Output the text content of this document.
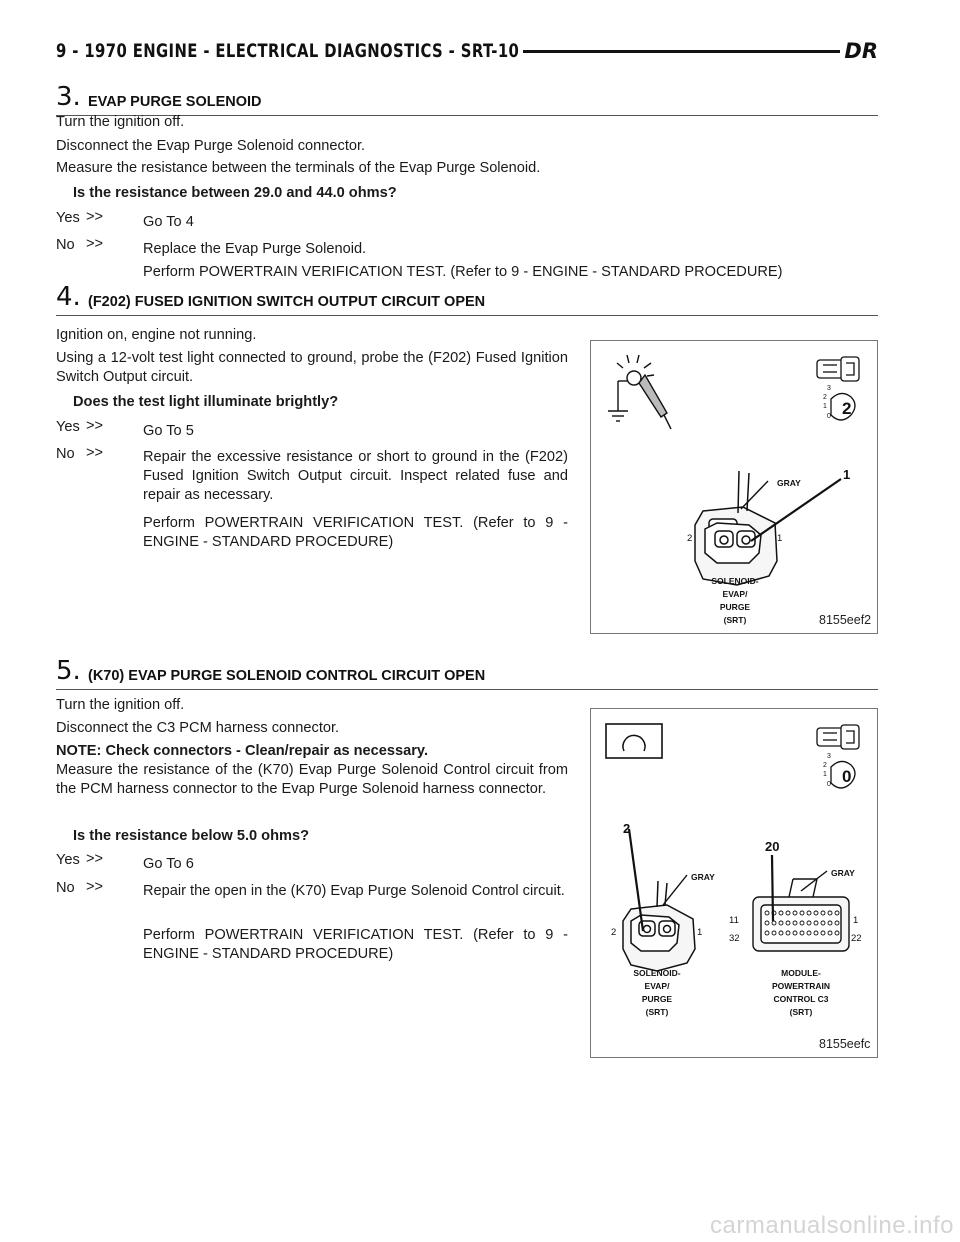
9 - 1970 ENGINE - ELECTRICAL DIAGNOSTICS - SRT-10	DR
3. EVAP PURGE SOLENOID
Turn the ignition off.
Disconnect the Evap Purge Solenoid connector.
Measure the resistance between the terminals of the Evap Purge Solenoid.
Is the resistance between 29.0 and 44.0 ohms?
Yes >>	Go To 4
No >>	Replace the Evap Purge Solenoid.
Perform POWERTRAIN VERIFICATION TEST. (Refer to 9 - ENGINE - STANDARD PROCEDURE)
4. (F202) FUSED IGNITION SWITCH OUTPUT CIRCUIT OPEN
Ignition on, engine not running.
Using a 12-volt test light connected to ground, probe the (F202) Fused Ignition Switch Output circuit.
Does the test light illuminate brightly?
Yes >>	Go To 5
No >>	Repair the excessive resistance or short to ground in the (F202) Fused Ignition Switch Output circuit. Inspect related fuse and repair as necessary.
Perform POWERTRAIN VERIFICATION TEST. (Refer to 9 - ENGINE - STANDARD PROCEDURE)
3
2
1
0 2
GRAY
1
2	1
SOLENOID-
EVAP/
PURGE
(SRT)	8155eef2
5. (K70) EVAP PURGE SOLENOID CONTROL CIRCUIT OPEN
Turn the ignition off.
Disconnect the C3 PCM harness connector.
NOTE: Check connectors - Clean/repair as necessary.
Measure the resistance of the (K70) Evap Purge Solenoid Control circuit from the PCM harness connector to the Evap Purge Solenoid harness connector.
Is the resistance below 5.0 ohms?
Yes >>	Go To 6
No >>	Repair the open in the (K70) Evap Purge Solenoid Control circuit.
Perform POWERTRAIN VERIFICATION TEST. (Refer to 9 - ENGINE - STANDARD PROCEDURE)
3
2
1
0 0
2
20
GRAY	GRAY
2	1
11	1
32	22
SOLENOID-
EVAP/
PURGE
(SRT)
MODULE-
POWERTRAIN
CONTROL C3
(SRT)
8155eefc
carmanualsonline.info
